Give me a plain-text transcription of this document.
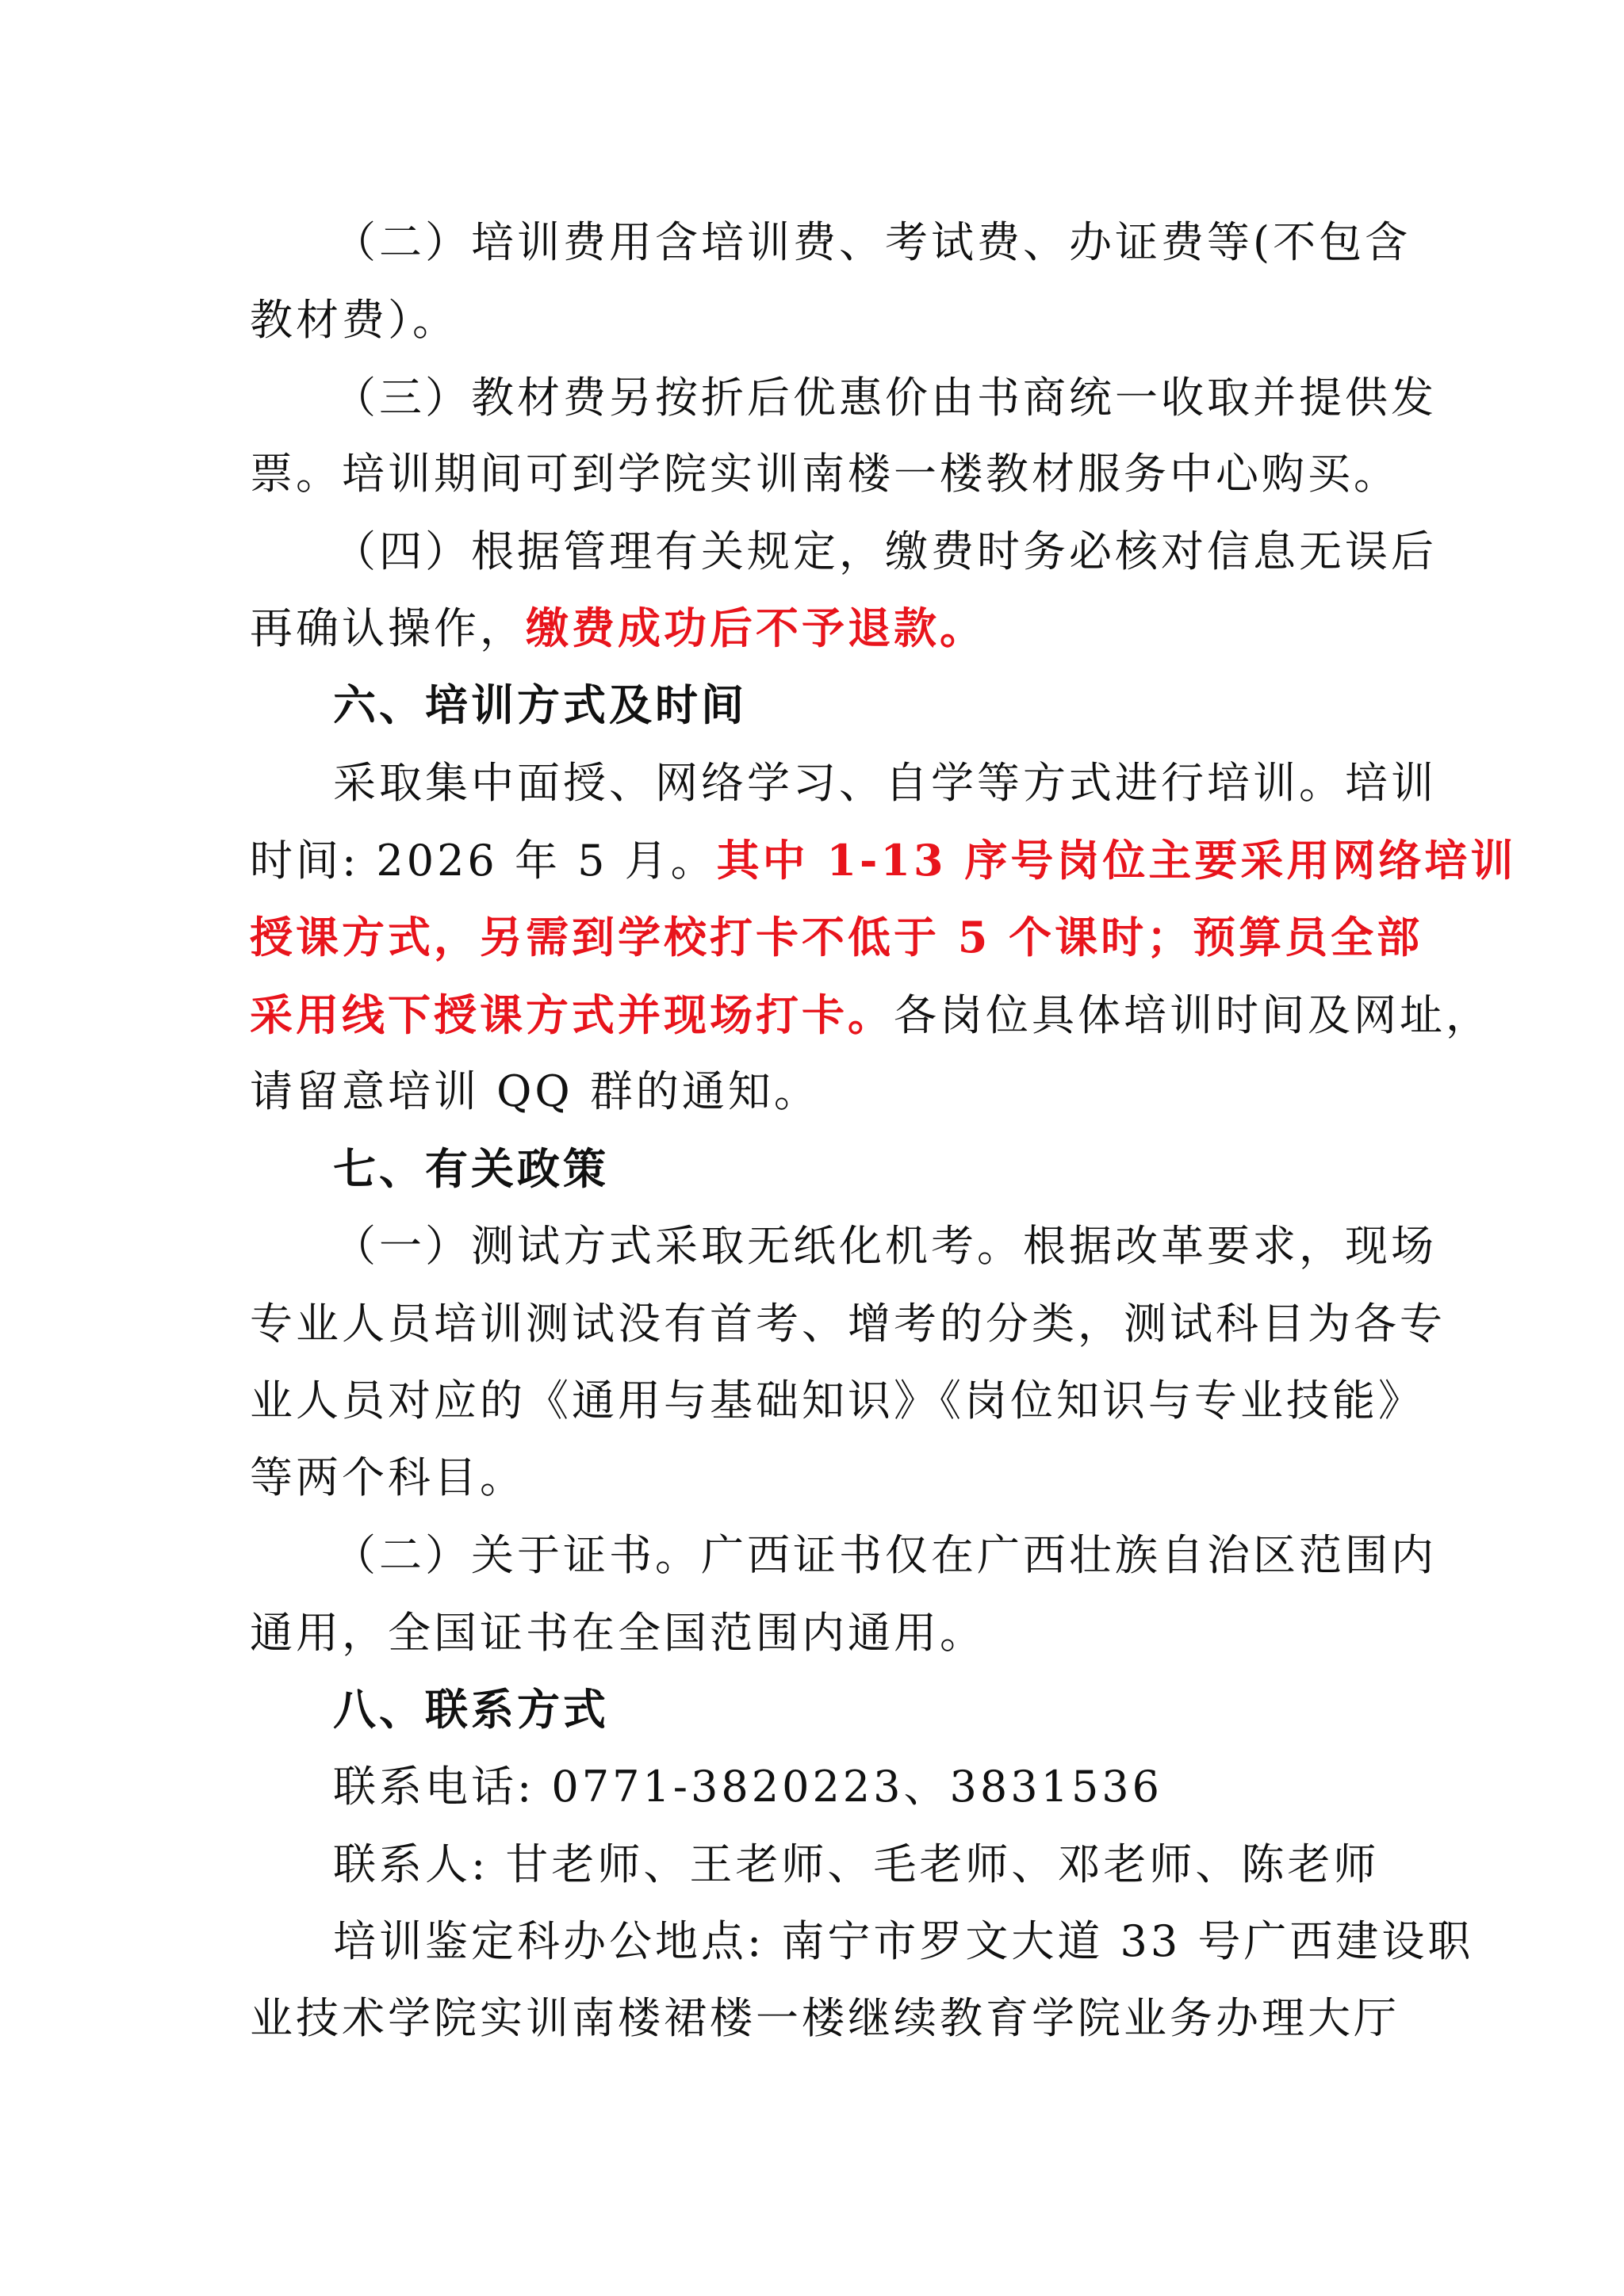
（二）培训费用含培训费、考试费、办证费等(不包含
教材费）。
（三）教材费另按折后优惠价由书商统一收取并提供发
票。培训期间可到学院实训南楼一楼教材服务中心购买。
（四）根据管理有关规定，缴费时务必核对信息无误后
再确认操作，缴费成功后不予退款。
六、培训方式及时间
采取集中面授、网络学习、自学等方式进行培训。培训
时间: 2026 年 5 月。其中 1-13 序号岗位主要采用网络培训
授课方式，另需到学校打卡不低于 5 个课时；预算员全部
采用线下授课方式并现场打卡。各岗位具体培训时间及网址，
请留意培训 QQ 群的通知。
七、有关政策
（一）测试方式采取无纸化机考。根据改革要求，现场
专业人员培训测试没有首考、增考的分类，测试科目为各专
业人员对应的《通用与基础知识》《岗位知识与专业技能》
等两个科目。
（二）关于证书。广西证书仅在广西壮族自治区范围内
通用，全国证书在全国范围内通用。
八、联系方式
联系电话: 0771-3820223、3831536
联系人: 甘老师、王老师、毛老师、邓老师、陈老师
培训鉴定科办公地点: 南宁市罗文大道 33 号广西建设职
业技术学院实训南楼裙楼一楼继续教育学院业务办理大厅
